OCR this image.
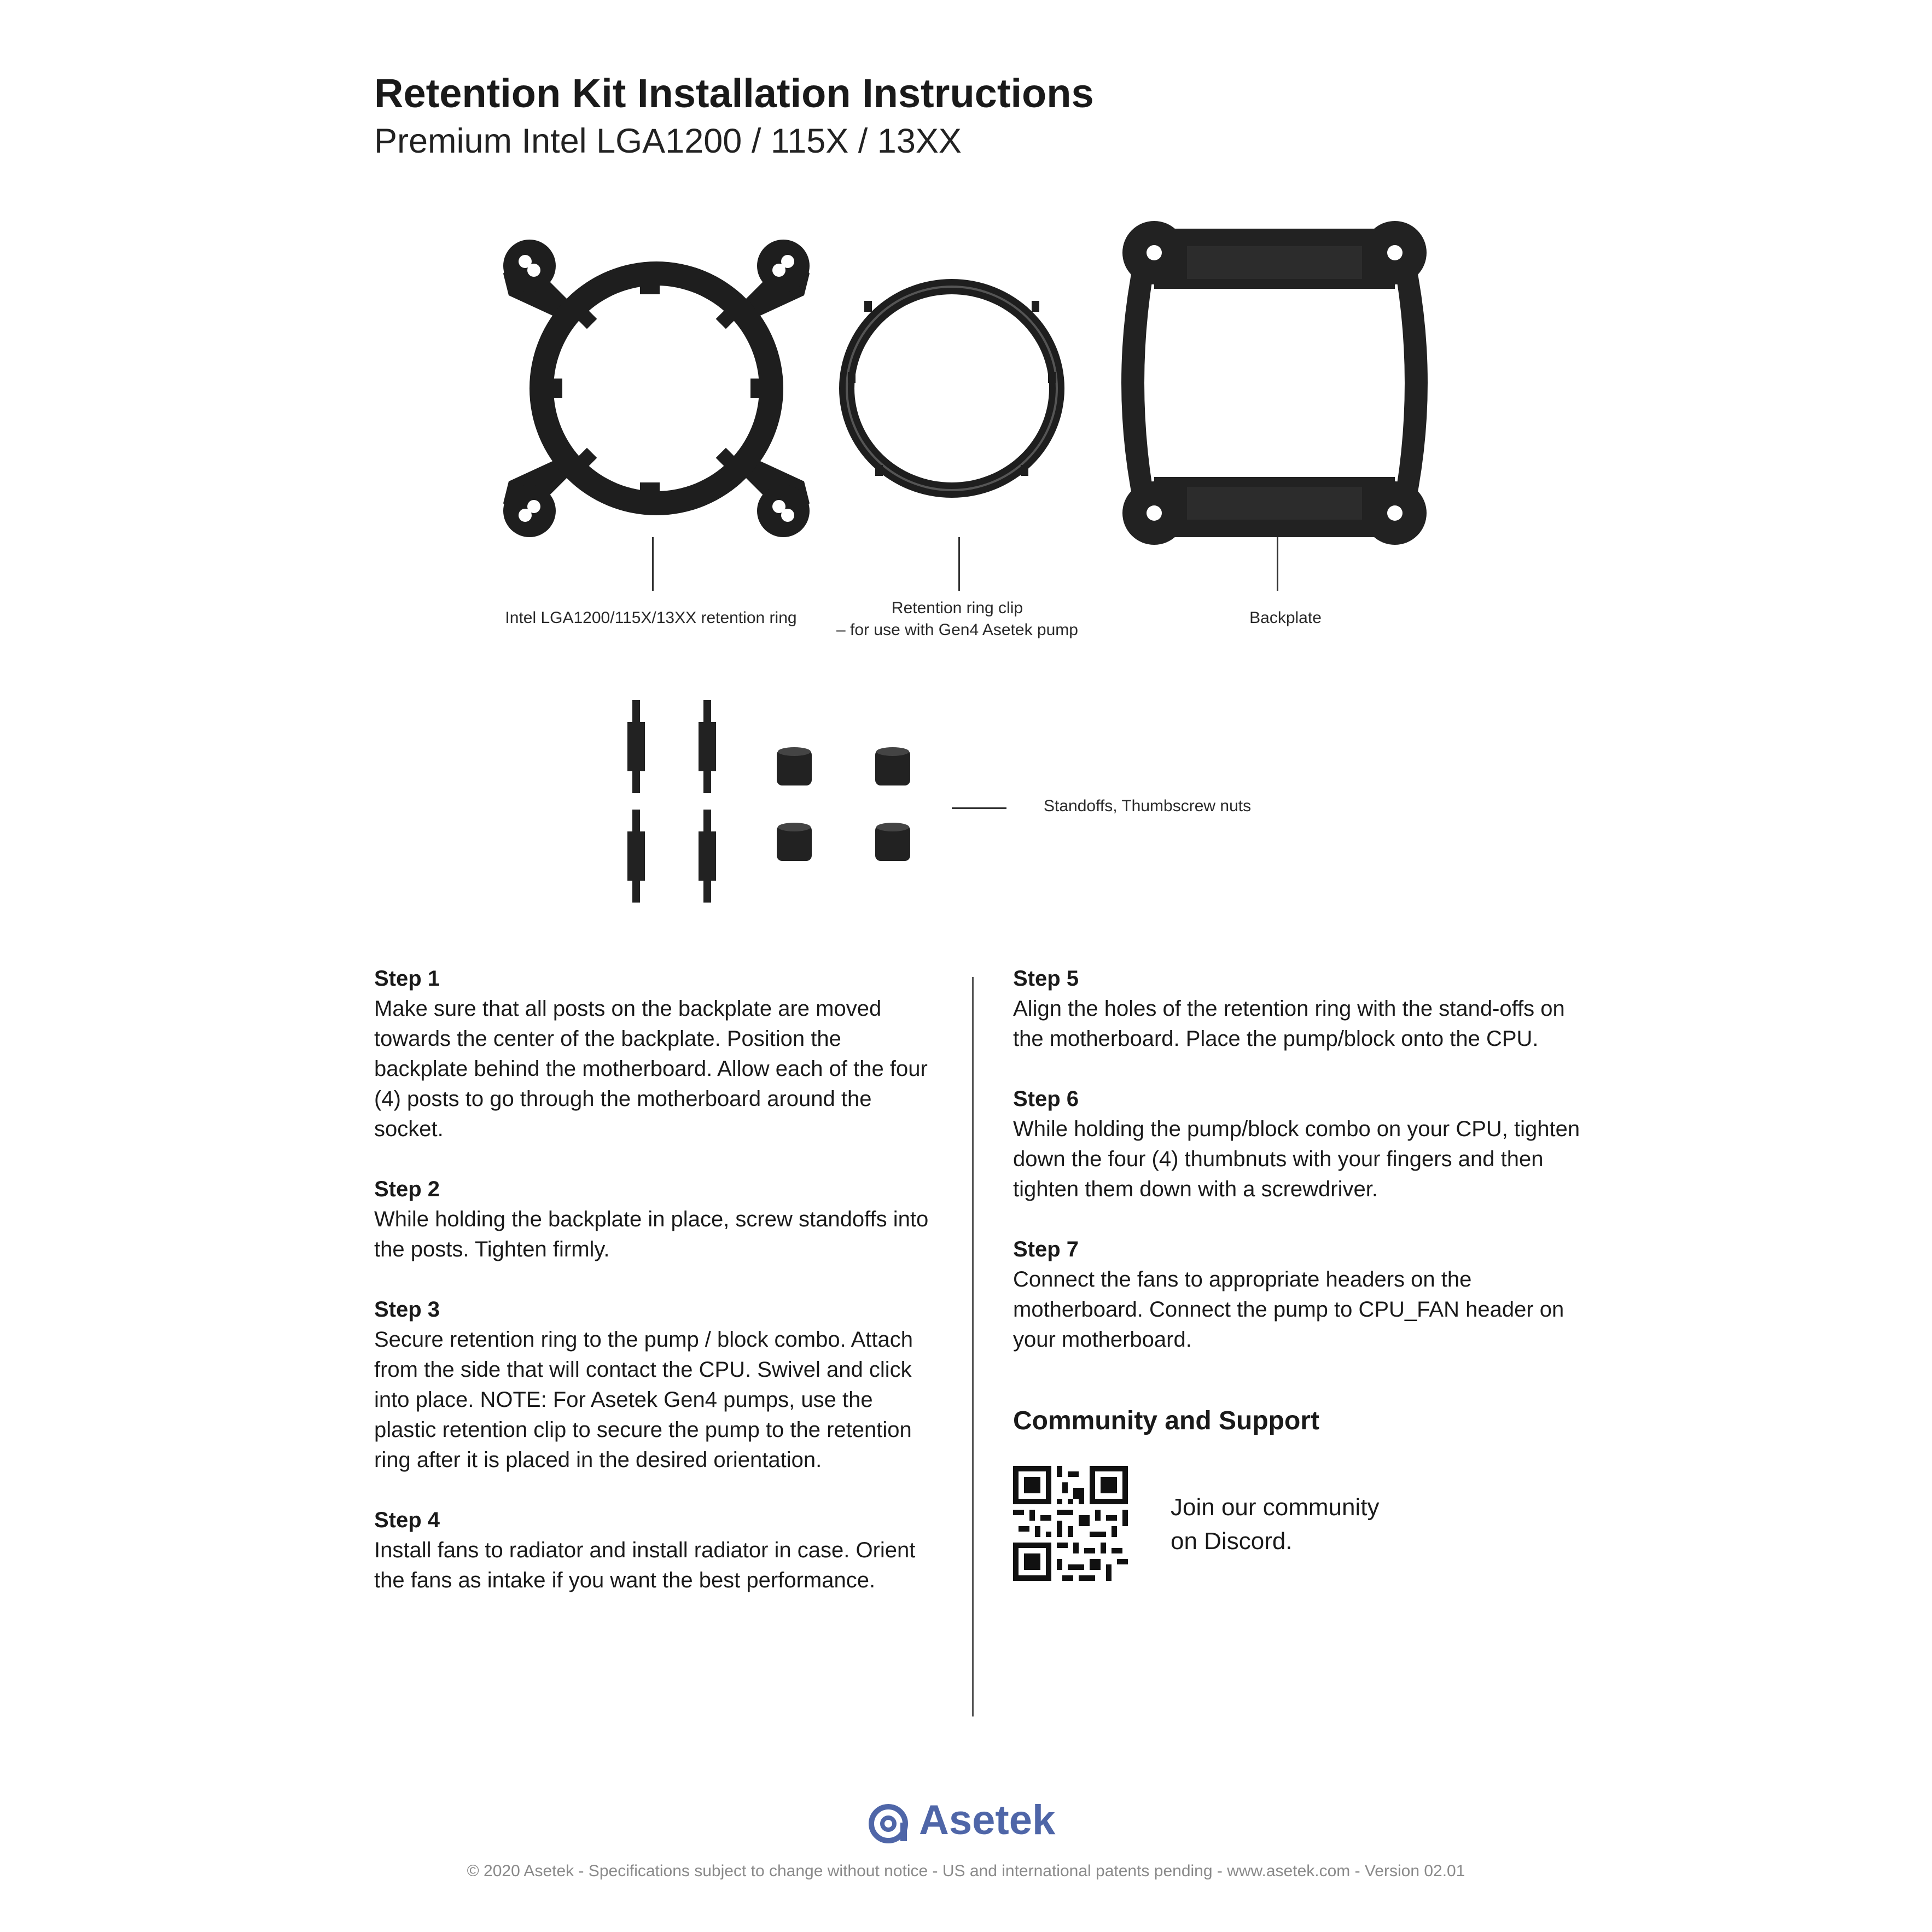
Retention Kit Installation Instructions
Premium Intel LGA1200 / 115X / 13XX
Intel LGA1200/115X/13XX retention ring
Retention ring clip
– for use with Gen4 Asetek pump
Backplate
Standoffs, Thumbscrew nuts
Step 1
Make sure that all posts on the backplate are moved towards the center of the backplate. Position the backplate behind the motherboard. Allow each of the four (4) posts to go through the motherboard around the socket.
Step 2
While holding the backplate in place, screw standoffs into the posts. Tighten firmly.
Step 3
Secure retention ring to the pump / block combo. Attach from the side that will contact the CPU. Swivel and click into place. NOTE: For Asetek Gen4 pumps, use the plastic retention clip to secure the pump to the retention ring after it is placed in the desired orientation.
Step 4
Install fans to radiator and install radiator in case. Orient the fans as intake if you want the best performance.
Step 5
Align the holes of the retention ring with the stand-offs on the motherboard. Place the pump/block onto the CPU.
Step 6
While holding the pump/block combo on your CPU, tighten down the four (4) thumbnuts with your fingers and then tighten them down with a screwdriver.
Step 7
Connect the fans to appropriate headers on the motherboard. Connect the pump to CPU_FAN header on your motherboard.
Community and Support
Join our community
on Discord.
Asetek
© 2020 Asetek - Specifications subject to change without notice - US and international patents pending - www.asetek.com - Version 02.01
